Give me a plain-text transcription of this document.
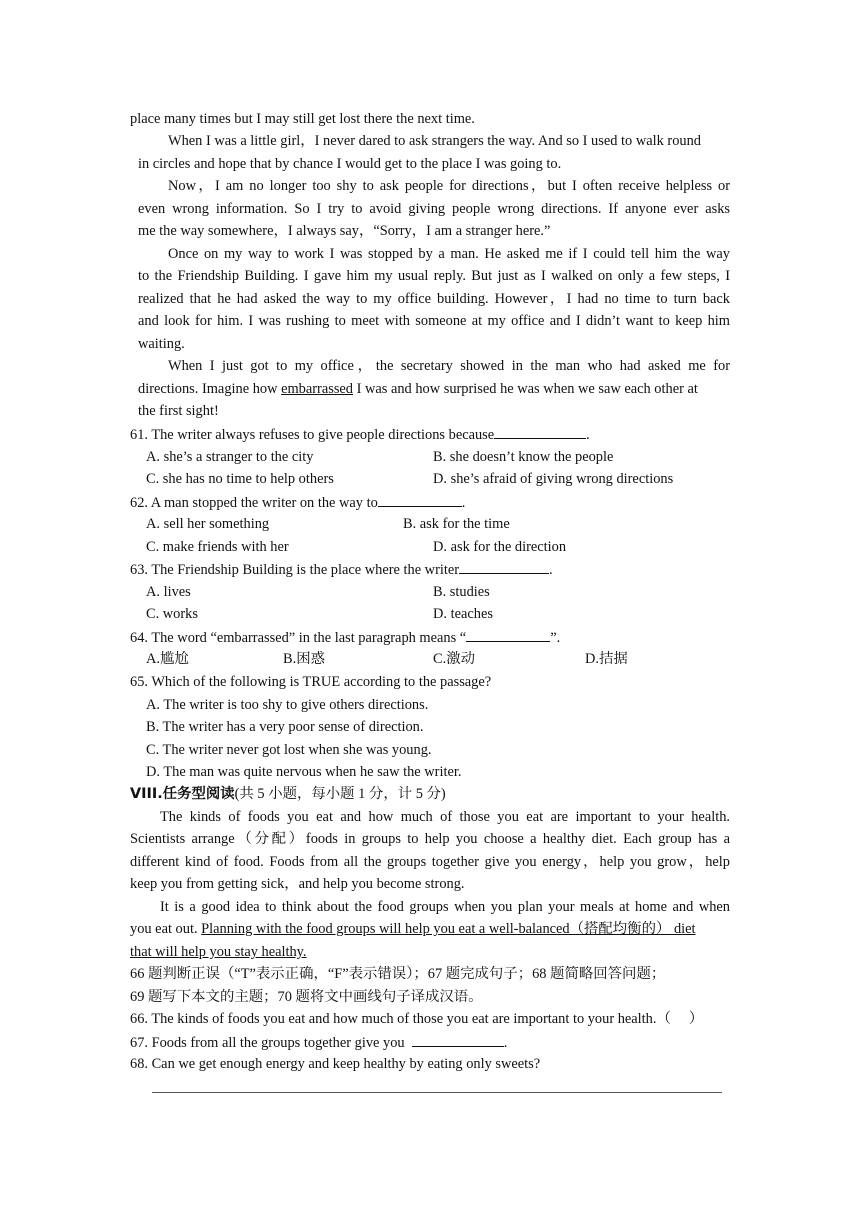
place many times but I may still get lost there the next time.
When I was a little girl，I never dared to ask strangers the way. And so I used to walk round
in circles and hope that by chance I would get to the place I was going to.
Now，I am no longer too shy to ask people for directions，but I often receive helpless or
even wrong information. So I try to avoid giving people wrong directions. If anyone ever asks
me the way somewhere，I always say，“Sorry，I am a stranger here.”
Once on my way to work I was stopped by a man. He asked me if I could tell him the way
to the Friendship Building. I gave him my usual reply. But just as I walked on only a few steps, I
realized that he had asked the way to my office building. However，I had no time to turn back
and look for him. I was rushing to meet with someone at my office and I didn’t want to keep him
waiting.
When I just got to my office，the secretary showed in the man who had asked me for
directions. Imagine how embarrassed I was and how surprised he was when we saw each other at
the first sight!
61. The writer always refuses to give people directions because	.
A. she’s a stranger to the city	B. she doesn’t know the people
C. she has no time to help others	D. she’s afraid of giving wrong directions
62. A man stopped the writer on the way to	.
A. sell her something	B. ask for the time
C. make friends with her	D. ask for the direction
63. The Friendship Building is the place where the writer	.
A. lives	B. studies
C. works	D. teaches
64. The word “embarrassed” in the last paragraph means “	”.
A.尴尬	B.困惑	C.激动	D.拮据
65. Which of the following is TRUE according to the passage?
A. The writer is too shy to give others directions.
B. The writer has a very poor sense of direction.
C. The writer never got lost when she was young.
D. The man was quite nervous when he saw the writer.
VIII.任务型阅读(共 5 小题，每小题 1 分，计 5 分)
The kinds of foods you eat and how much of those you eat are important to your health.
Scientists arrange（分配）foods in groups to help you choose a healthy diet. Each group has a
different kind of food. Foods from all the groups together give you energy，help you grow，help
keep you from getting sick，and help you become strong.
It is a good idea to think about the food groups when you plan your meals at home and when
you eat out. Planning with the food groups will help you eat a well-balanced（搭配均衡的） diet
that will help you stay healthy.
66 题判断正误（“T”表示正确，“F”表示错误）；67 题完成句子；68 题简略回答问题；
69 题写下本文的主题；70 题将文中画线句子译成汉语。
66. The kinds of foods you eat and how much of those you eat are important to your health.（　 ）
67. Foods from all the groups together give you	.
68. Can we get enough energy and keep healthy by eating only sweets?
